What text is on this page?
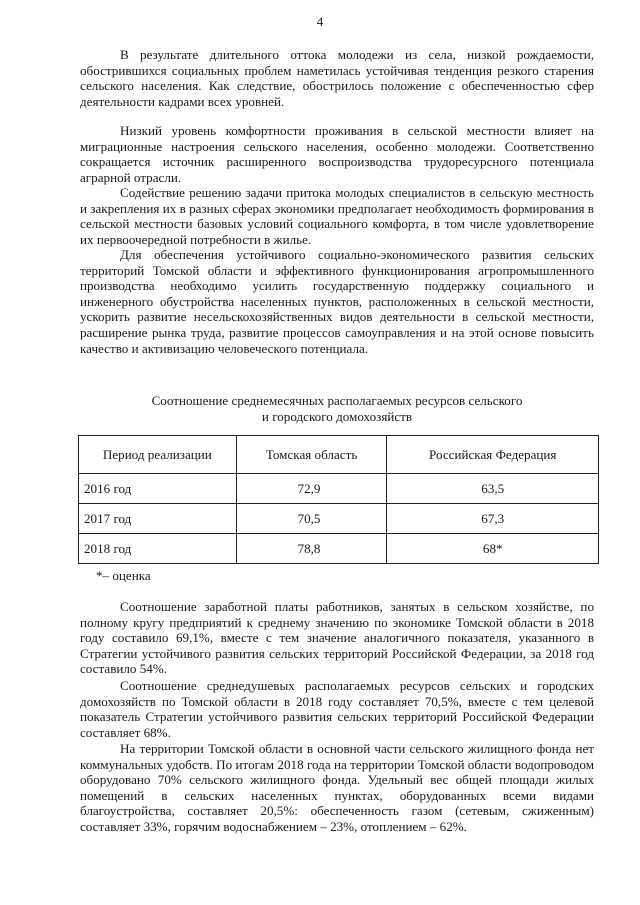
4

В результате длительного оттока молодежи из села, низкой рождаемости, обострившихся социальных проблем наметилась устойчивая тенденция резкого старения сельского населения. Как следствие, обострилось положение с обеспеченностью сфер деятельности кадрами всех уровней.

Низкий уровень комфортности проживания в сельской местности влияет на миграционные настроения сельского населения, особенно молодежи. Соответственно сокращается источник расширенного воспроизводства трудоресурсного потенциала аграрной отрасли.

Содействие решению задачи притока молодых специалистов в сельскую местность и закрепления их в разных сферах экономики предполагает необходимость формирования в сельской местности базовых условий социального комфорта, в том числе удовлетворение их первоочередной потребности в жилье.

Для обеспечения устойчивого социально-экономического развития сельских территорий Томской области и эффективного функционирования агропромышленного производства необходимо усилить государственную поддержку социального и инженерного обустройства населенных пунктов, расположенных в сельской местности, ускорить развитие несельскохозяйственных видов деятельности в сельской местности, расширение рынка труда, развитие процессов самоуправления и на этой основе повысить качество и активизацию человеческого потенциала.

Соотношение среднемесячных располагаемых ресурсов сельского

и городского домохозяйств

Период реализации	Томская область	Российская Федерация
2016 год	72,9	63,5
2017 год	70,5	67,3
2018 год	78,8	68*

*– оценка

Соотношение заработной платы работников, занятых в сельском хозяйстве, по полному кругу предприятий к среднему значению по экономике Томской области в 2018 году составило 69,1%, вместе с тем значение аналогичного показателя, указанного в Стратегии устойчивого развития сельских территорий Российской Федерации, за 2018 год составило 54%.

Соотношение среднедушевых располагаемых ресурсов сельских и городских домохозяйств по Томской области в 2018 году составляет 70,5%, вместе с тем целевой показатель Стратегии устойчивого развития сельских территорий Российской Федерации составляет 68%.

На территории Томской области в основной части сельского жилищного фонда нет коммунальных удобств. По итогам 2018 года на территории Томской области водопроводом оборудовано 70% сельского жилищного фонда. Удельный вес общей площади жилых помещений в сельских населенных пунктах, оборудованных всеми видами благоустройства, составляет 20,5%: обеспеченность газом (сетевым, сжиженным) составляет 33%, горячим водоснабжением – 23%, отоплением – 62%.
